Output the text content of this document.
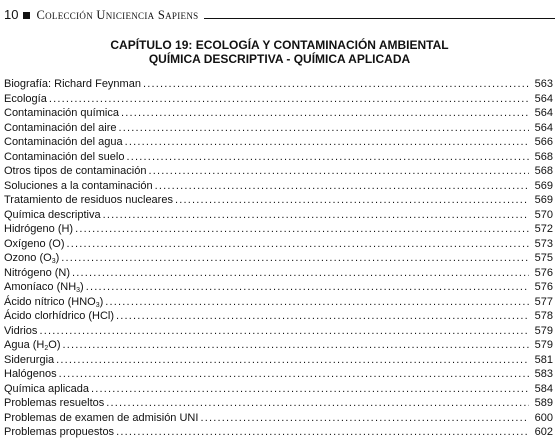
10 Colección Uniciencia Sapiens
CAPÍTULO 19: ECOLOGÍA Y CONTAMINACIÓN AMBIENTAL
QUÍMICA DESCRIPTIVA - QUÍMICA APLICADA
Biografía: Richard Feynman .....	563
Ecología .....	564
Contaminación química .....	564
Contaminación del aire .....	564
Contaminación del agua .....	566
Contaminación del suelo .....	568
Otros tipos de contaminación .....	568
Soluciones a la contaminación .....	569
Tratamiento de residuos nucleares .....	569
Química descriptiva .....	570
Hidrógeno (H) .....	572
Oxígeno (O) .....	573
Ozono $(O_3)$ .....	575
Nitrógeno (N) .....	576
Amoníaco $(NH_3)$ .....	576
Ácido nítrico $(HNO_3)$ .....	577
Ácido clorhídrico (HCl) .....	578
Vidrios .....	579
Agua $(H_2O)$ .....	579
Siderurgia .....	581
Halógenos .....	583
Química aplicada .....	584
Problemas resueltos .....	589
Problemas de examen de admisión UNI .....	600
Problemas propuestos .....	602
